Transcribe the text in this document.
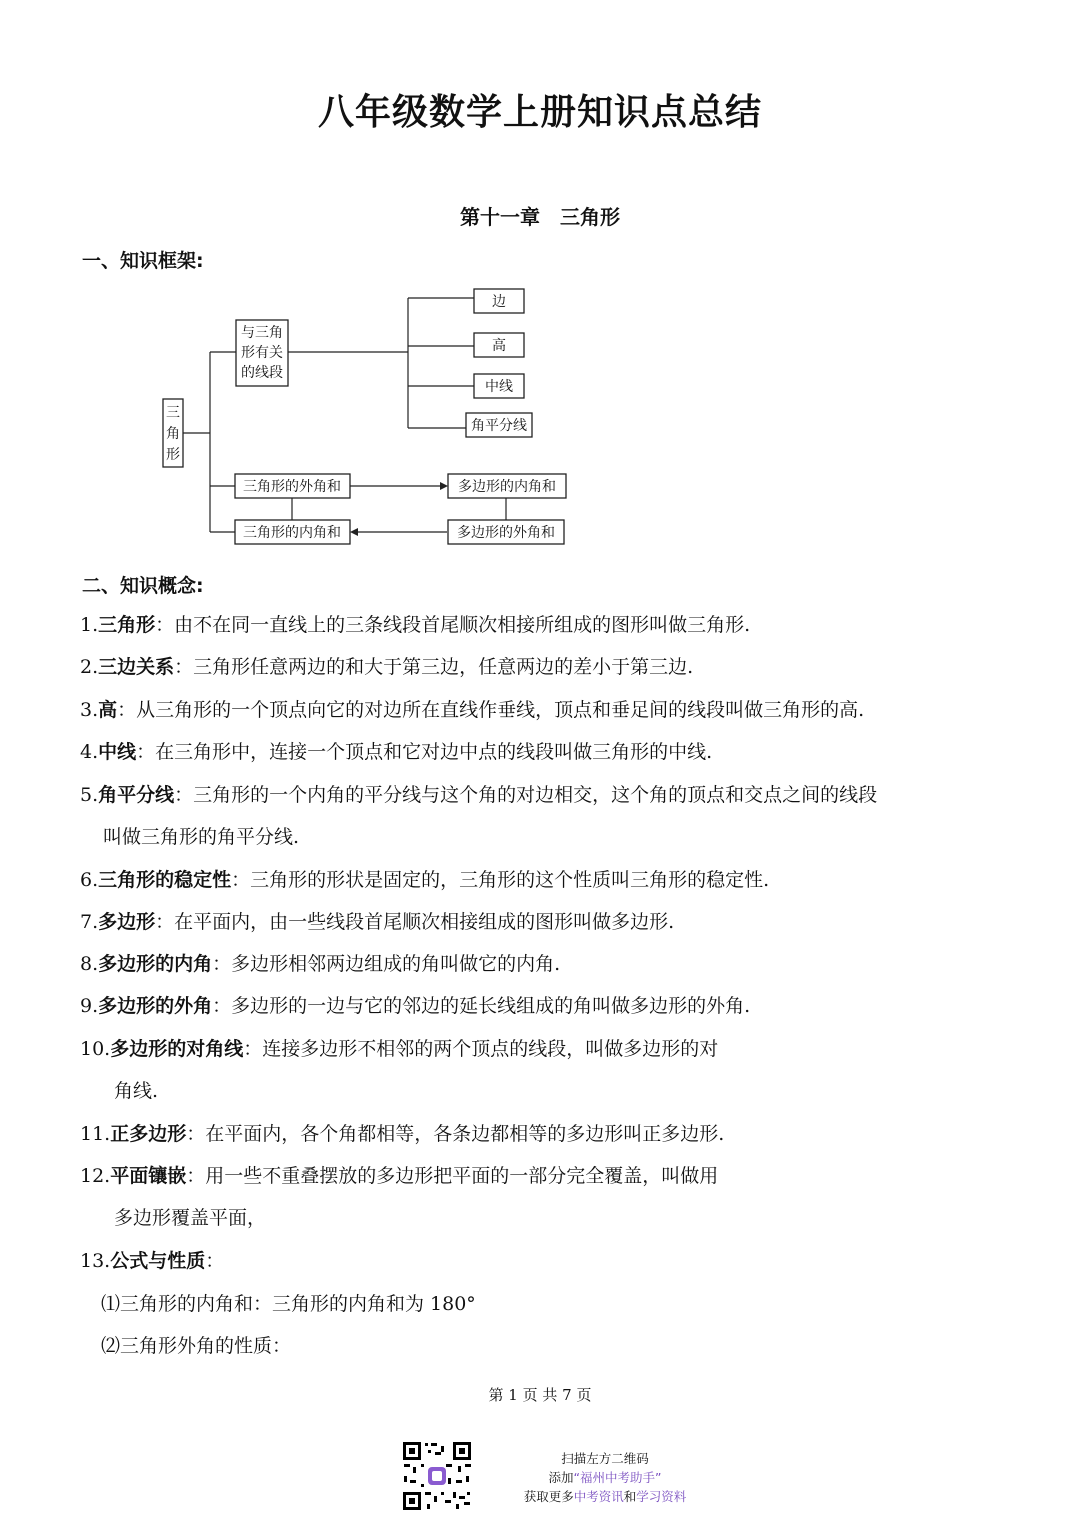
八年级数学上册知识点总结
第十一章　三角形
一、知识框架:
三
角
形
与三角
形有关
的线段
边
高
中线
角平分线
三角形的外角和
三角形的内角和
多边形的内角和
多边形的外角和
二、知识概念:
1.三角形：由不在同一直线上的三条线段首尾顺次相接所组成的图形叫做三角形.
2.三边关系：三角形任意两边的和大于第三边，任意两边的差小于第三边.
3.高：从三角形的一个顶点向它的对边所在直线作垂线，顶点和垂足间的线段叫做三角形的高.
4.中线：在三角形中，连接一个顶点和它对边中点的线段叫做三角形的中线.
5.角平分线：三角形的一个内角的平分线与这个角的对边相交，这个角的顶点和交点之间的线段
叫做三角形的角平分线.
6.三角形的稳定性：三角形的形状是固定的，三角形的这个性质叫三角形的稳定性.
7.多边形：在平面内，由一些线段首尾顺次相接组成的图形叫做多边形.
8.多边形的内角：多边形相邻两边组成的角叫做它的内角.
9.多边形的外角：多边形的一边与它的邻边的延长线组成的角叫做多边形的外角.
10.多边形的对角线：连接多边形不相邻的两个顶点的线段，叫做多边形的对
角线.
11.正多边形：在平面内，各个角都相等，各条边都相等的多边形叫正多边形.
12.平面镶嵌：用一些不重叠摆放的多边形把平面的一部分完全覆盖，叫做用
多边形覆盖平面，
13.公式与性质：
⑴三角形的内角和：三角形的内角和为 180°
⑵三角形外角的性质：
第 1 页 共 7 页
扫描左方二维码
添加“福州中考助手”
获取更多中考资讯和学习资料
